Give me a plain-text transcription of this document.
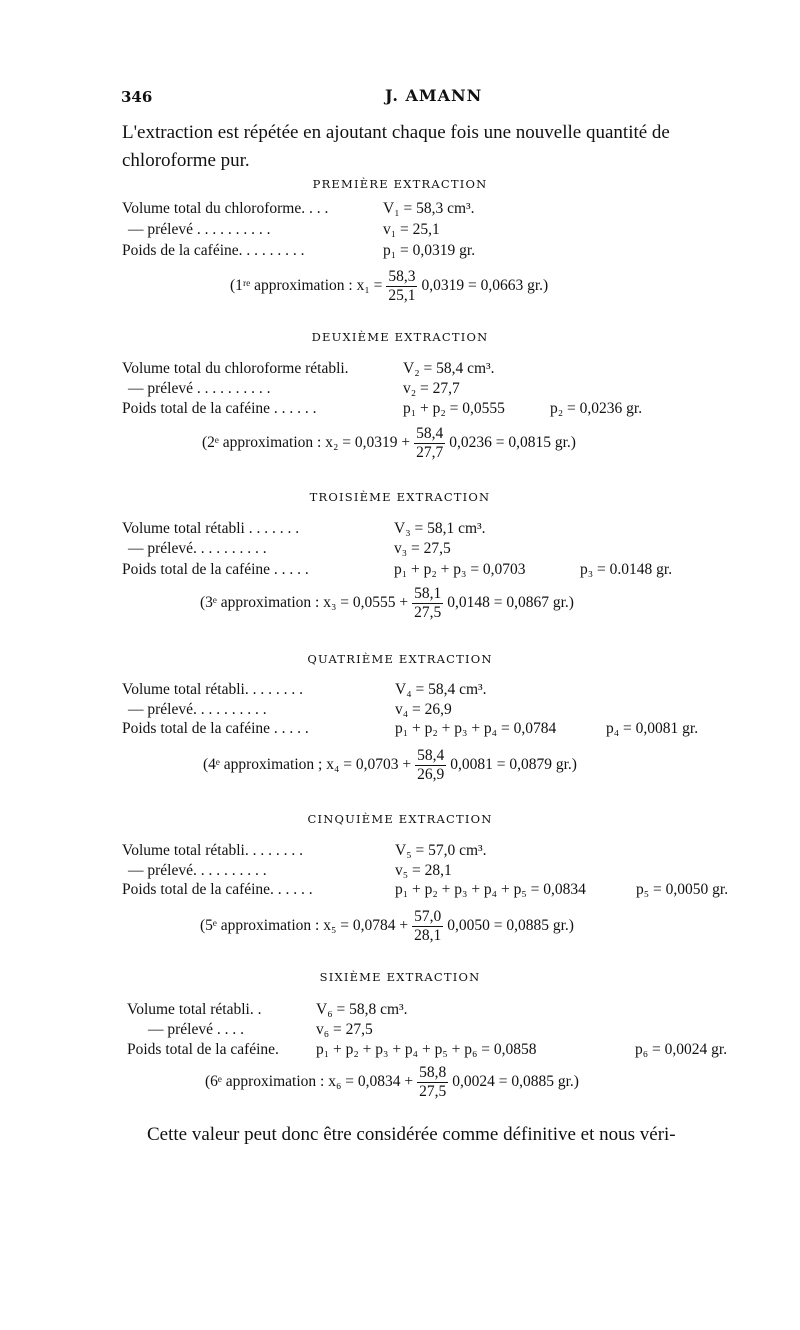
346	J. AMANN
L'extraction est répétée en ajoutant chaque fois une nouvelle quantité de chloroforme pur.
PREMIÈRE EXTRACTION
Volume total du chloroforme. . . .	V₁ = 58,3 cm³.
— prélevé . . . . . . . . . .	v₁ = 25,1
Poids de la caféine. . . . . . . . .	p₁ = 0,0319 gr.
(1ʳᵉ approximation : $x_1 = \frac{58,3}{25,1} 0,0319 = 0,0663$ gr.)
DEUXIÈME EXTRACTION
Volume total du chloroforme rétabli.	V₂ = 58,4 cm³.
— prélevé . . . . . . . . . .	v₂ = 27,7
Poids total de la caféine . . . . . .	p₁ + p₂ = 0,0555	p₂ = 0,0236 gr.
(2ᵉ approximation : $x_2 = 0,0319 + \frac{58,4}{27,7} 0,0236 = 0,0815$ gr.)
TROISIÈME EXTRACTION
Volume total rétabli . . . . . . .	V₃ = 58,1 cm³.
— prélevé. . . . . . . . . .	v₃ = 27,5
Poids total de la caféine . . . . .	p₁ + p₂ + p₃ = 0,0703	p₃ = 0.0148 gr.
(3ᵉ approximation : $x_3 = 0,0555 + \frac{58,1}{27,5} 0,0148 = 0,0867$ gr.)
QUATRIÈME EXTRACTION
Volume total rétabli. . . . . . . .	V₄ = 58,4 cm³.
— prélevé. . . . . . . . . .	v₄ = 26,9
Poids total de la caféine . . . . .	p₁ + p₂ + p₃ + p₄ = 0,0784	p₄ = 0,0081 gr.
(4ᵉ approximation ; $x_4 = 0,0703 + \frac{58,4}{26,9} 0,0081 = 0,0879$ gr.)
CINQUIÈME EXTRACTION
Volume total rétabli. . . . . . . .	V₅ = 57,0 cm³.
— prélevé. . . . . . . . . .	v₅ = 28,1
Poids total de la caféine. . . . . .	p₁ + p₂ + p₃ + p₄ + p₅ = 0,0834	p₅ = 0,0050 gr.
(5ᵉ approximation : $x_5 = 0,0784 + \frac{57,0}{28,1} 0,0050 = 0,0885$ gr.)
SIXIÈME EXTRACTION
Volume total rétabli. .	V₆ = 58,8 cm³.
— prélevé . . . .	v₆ = 27,5
Poids total de la caféine. p₁ + p₂ + p₃ + p₄ + p₅ + p₆ = 0,0858	p₆ = 0,0024 gr.
(6ᵉ approximation : $x_6 = 0,0834 + \frac{58,8}{27,5} 0,0024 = 0,0885$ gr.)
Cette valeur peut donc être considérée comme définitive et nous véri-
